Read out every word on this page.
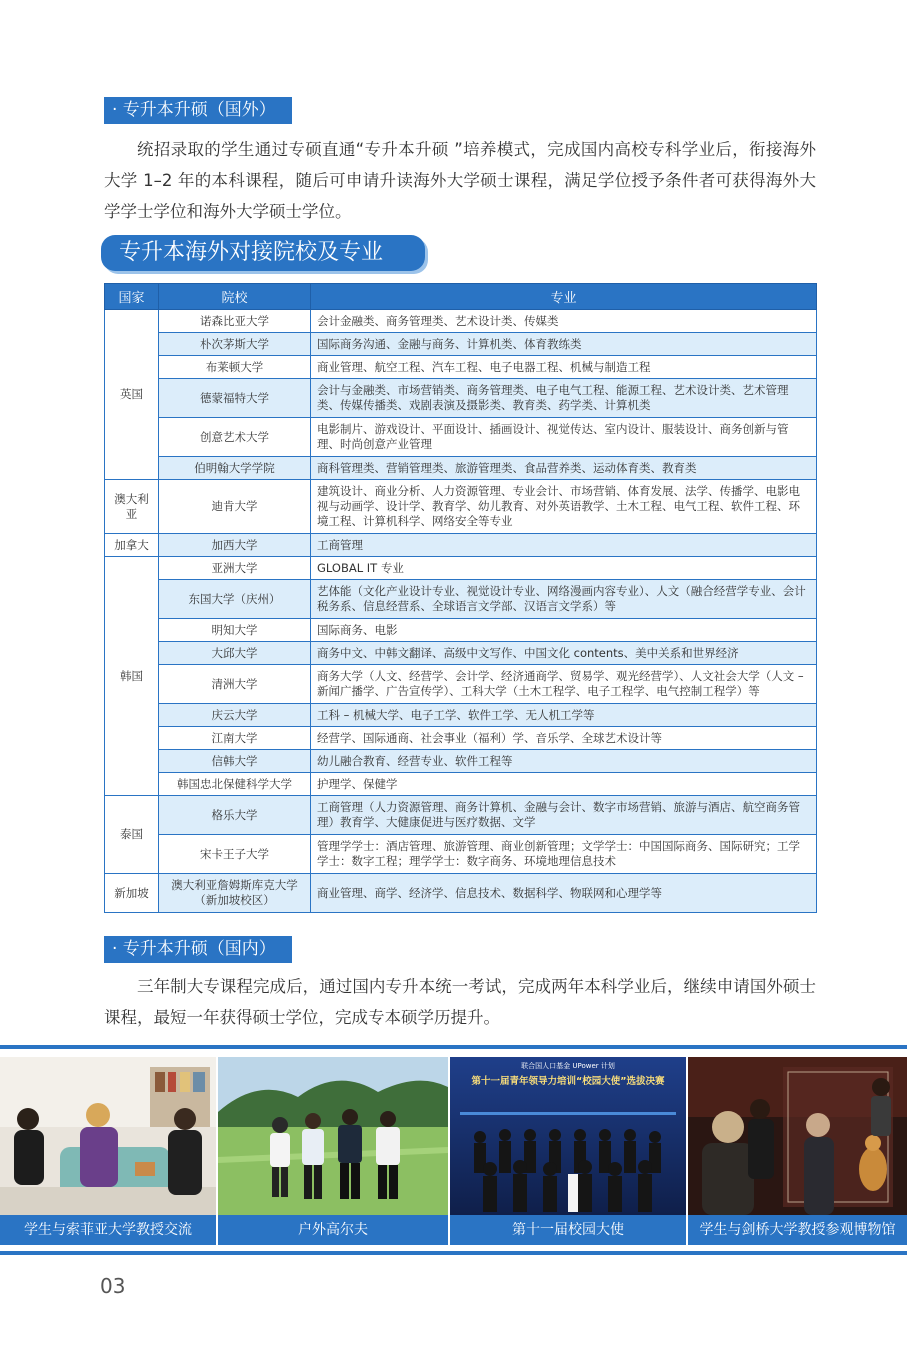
· 专升本升硕（国外）

统招录取的学生通过专硕直通“专升本升硕 ”培养模式，完成国内高校专科学业后，衔接海外大学 1–2 年的本科课程，随后可申请升读海外大学硕士课程，满足学位授予条件者可获得海外大学学士学位和海外大学硕士学位。

专升本海外对接院校及专业
国家	院校	专业
英国	诺森比亚大学	会计金融类、商务管理类、艺术设计类、传媒类
	朴次茅斯大学	国际商务沟通、金融与商务、计算机类、体育教练类
	布莱顿大学	商业管理、航空工程、汽车工程、电子电器工程、机械与制造工程
	德蒙福特大学	会计与金融类、市场营销类、商务管理类、电子电气工程、能源工程、艺术设计类、艺术管理类、传媒传播类、戏剧表演及摄影类、教育类、药学类、计算机类
	创意艺术大学	电影制片、游戏设计、平面设计、插画设计、视觉传达、室内设计、服装设计、商务创新与管理、时尚创意产业管理
	伯明翰大学学院	商科管理类、营销管理类、旅游管理类、食品营养类、运动体育类、教育类
澳大利亚	迪肯大学	建筑设计、商业分析、人力资源管理、专业会计、市场营销、体育发展、法学、传播学、电影电视与动画学、设计学、教育学、幼儿教育、对外英语教学、土木工程、电气工程、软件工程、环境工程、计算机科学、网络安全等专业
加拿大	加西大学	工商管理
韩国	亚洲大学	GLOBAL IT 专业
	东国大学（庆州）	艺体能（文化产业设计专业、视觉设计专业、网络漫画内容专业）、人文（融合经营学专业、会计税务系、信息经营系、全球语言文学部、汉语言文学系）等
	明知大学	国际商务、电影
	大邱大学	商务中文、中韩文翻译、高级中文写作、中国文化 contents、美中关系和世界经济
	清洲大学	商务大学（人文、经营学、会计学、经济通商学、贸易学、观光经营学）、人文社会大学（人文 – 新闻广播学、广告宣传学）、工科大学（土木工程学、电子工程学、电气控制工程学）等
	庆云大学	工科 – 机械大学、电子工学、软件工学、无人机工学等
	江南大学	经营学、国际通商、社会事业（福利）学、音乐学、全球艺术设计等
	信韩大学	幼儿融合教育、经营专业、软件工程等
	韩国忠北保健科学大学	护理学、保健学
泰国	格乐大学	工商管理（人力资源管理、商务计算机、金融与会计、数字市场营销、旅游与酒店、航空商务管理）教育学、大健康促进与医疗数据、文学
	宋卡王子大学	管理学学士：酒店管理、旅游管理、商业创新管理；文学学士：中国国际商务、国际研究；工学学士：数字工程；理学学士：数字商务、环境地理信息技术
新加坡	澳大利亚詹姆斯库克大学（新加坡校区）	商业管理、商学、经济学、信息技术、数据科学、物联网和心理学等
· 专升本升硕（国内）

三年制大专课程完成后，通过国内专升本统一考试，完成两年本科学业后，继续申请国外硕士课程，最短一年获得硕士学位，完成专本硕学历提升。

学生与索菲亚大学教授交流	户外高尔夫
联合国人口基金 UPower 计划
第十一届青年领导力培训“校园大使”选拔决赛
第十一届校园大使	学生与剑桥大学教授参观博物馆
03
